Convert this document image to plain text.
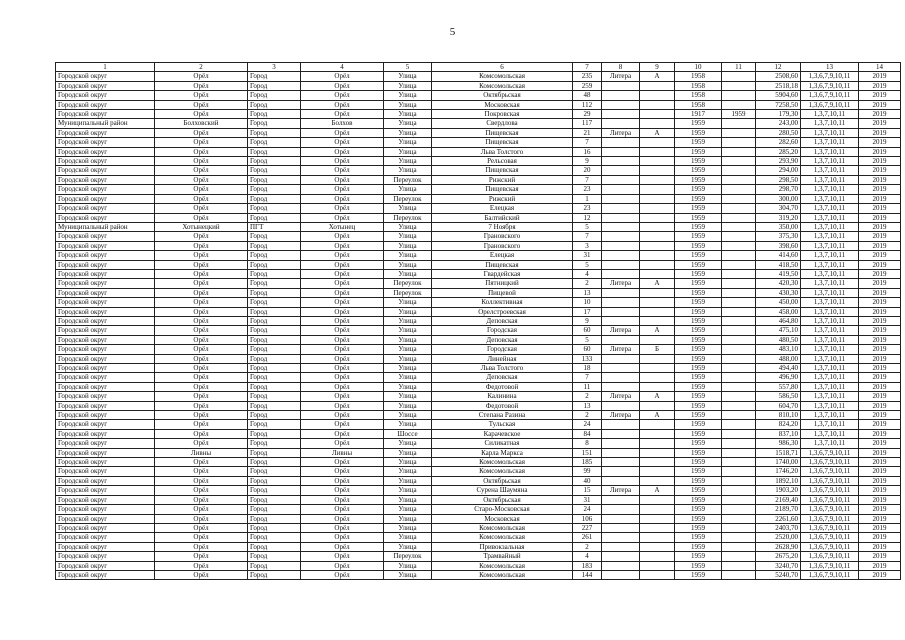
5
1	2	3	4	5	6	7	8	9	10	11	12	13	14
Городской округ	Орёл	Город	Орёл	Улица	Комсомольская	235	Литера	А	1958		2508,60	1,3,6,7,9,10,11	2019
Городской округ	Орёл	Город	Орёл	Улица	Комсомольская	259			1958		2518,18	1,3,6,7,9,10,11	2019
Городской округ	Орёл	Город	Орёл	Улица	Октябрьская	48			1958		5904,60	1,3,6,7,9,10,11	2019
Городской округ	Орёл	Город	Орёл	Улица	Московская	112			1958		7258,50	1,3,6,7,9,10,11	2019
Городской округ	Орёл	Город	Орёл	Улица	Покровская	29			1917	1959	179,30	1,3,7,10,11	2019
Муниципальный район	Болховский	Город	Болхов	Улица	Свердлова	117			1959		243,00	1,3,7,10,11	2019
Городской округ	Орёл	Город	Орёл	Улица	Пищевская	21	Литера	А	1959		280,50	1,3,7,10,11	2019
Городской округ	Орёл	Город	Орёл	Улица	Пищевская	7			1959		282,60	1,3,7,10,11	2019
Городской округ	Орёл	Город	Орёл	Улица	Льва Толстого	16			1959		285,20	1,3,7,10,11	2019
Городской округ	Орёл	Город	Орёл	Улица	Рельсовая	9			1959		293,90	1,3,7,10,11	2019
Городской округ	Орёл	Город	Орёл	Улица	Пищевская	20			1959		294,00	1,3,7,10,11	2019
Городской округ	Орёл	Город	Орёл	Переулок	Рижский	7			1959		298,50	1,3,7,10,11	2019
Городской округ	Орёл	Город	Орёл	Улица	Пищевская	23			1959		298,70	1,3,7,10,11	2019
Городской округ	Орёл	Город	Орёл	Переулок	Рижский	1			1959		300,00	1,3,7,10,11	2019
Городской округ	Орёл	Город	Орёл	Улица	Елецкая	23			1959		304,70	1,3,7,10,11	2019
Городской округ	Орёл	Город	Орёл	Переулок	Балтийский	12			1959		319,20	1,3,7,10,11	2019
Муниципальный район	Хотынецкий	ПГТ	Хотынец	Улица	7 Ноября	5			1959		350,00	1,3,7,10,11	2019
Городской округ	Орёл	Город	Орёл	Улица	Грановского	7			1959		375,30	1,3,7,10,11	2019
Городской округ	Орёл	Город	Орёл	Улица	Грановского	3			1959		398,60	1,3,7,10,11	2019
Городской округ	Орёл	Город	Орёл	Улица	Елецкая	31			1959		414,60	1,3,7,10,11	2019
Городской округ	Орёл	Город	Орёл	Улица	Пищевская	5			1959		418,50	1,3,7,10,11	2019
Городской округ	Орёл	Город	Орёл	Улица	Гвардейская	4			1959		419,50	1,3,7,10,11	2019
Городской округ	Орёл	Город	Орёл	Переулок	Пятницкий	2	Литера	А	1959		420,30	1,3,7,10,11	2019
Городской округ	Орёл	Город	Орёл	Переулок	Пищевой	13			1959		430,30	1,3,7,10,11	2019
Городской округ	Орёл	Город	Орёл	Улица	Коллективная	10			1959		450,00	1,3,7,10,11	2019
Городской округ	Орёл	Город	Орёл	Улица	Орелстроевская	17			1959		458,00	1,3,7,10,11	2019
Городской округ	Орёл	Город	Орёл	Улица	Деповская	9			1959		464,80	1,3,7,10,11	2019
Городской округ	Орёл	Город	Орёл	Улица	Городская	60	Литера	А	1959		475,10	1,3,7,10,11	2019
Городской округ	Орёл	Город	Орёл	Улица	Деповская	5			1959		480,50	1,3,7,10,11	2019
Городской округ	Орёл	Город	Орёл	Улица	Городская	60	Литера	Б	1959		483,10	1,3,7,10,11	2019
Городской округ	Орёл	Город	Орёл	Улица	Линейная	133			1959		488,00	1,3,7,10,11	2019
Городской округ	Орёл	Город	Орёл	Улица	Льва Толстого	18			1959		494,40	1,3,7,10,11	2019
Городской округ	Орёл	Город	Орёл	Улица	Деповская	7			1959		496,90	1,3,7,10,11	2019
Городской округ	Орёл	Город	Орёл	Улица	Федотовой	11			1959		557,80	1,3,7,10,11	2019
Городской округ	Орёл	Город	Орёл	Улица	Калинина	2	Литера	А	1959		586,50	1,3,7,10,11	2019
Городской округ	Орёл	Город	Орёл	Улица	Федотовой	13			1959		604,70	1,3,7,10,11	2019
Городской округ	Орёл	Город	Орёл	Улица	Степана Разина	2	Литера	А	1959		810,10	1,3,7,10,11	2019
Городской округ	Орёл	Город	Орёл	Улица	Тульская	24			1959		824,20	1,3,7,10,11	2019
Городской округ	Орёл	Город	Орёл	Шоссе	Карачевское	84			1959		837,10	1,3,7,10,11	2019
Городской округ	Орёл	Город	Орёл	Улица	Силикатная	8			1959		986,30	1,3,7,10,11	2019
Городской округ	Ливны	Город	Ливны	Улица	Карла Маркса	151			1959		1518,71	1,3,6,7,9,10,11	2019
Городской округ	Орёл	Город	Орёл	Улица	Комсомольская	185			1959		1740,00	1,3,6,7,9,10,11	2019
Городской округ	Орёл	Город	Орёл	Улица	Комсомольская	99			1959		1746,20	1,3,6,7,9,10,11	2019
Городской округ	Орёл	Город	Орёл	Улица	Октябрьская	40			1959		1892,10	1,3,6,7,9,10,11	2019
Городской округ	Орёл	Город	Орёл	Улица	Сурена Шаумяна	15	Литера	А	1959		1903,20	1,3,6,7,9,10,11	2019
Городской округ	Орёл	Город	Орёл	Улица	Октябрьская	31			1959		2169,40	1,3,6,7,9,10,11	2019
Городской округ	Орёл	Город	Орёл	Улица	Старо-Московская	24			1959		2189,70	1,3,6,7,9,10,11	2019
Городской округ	Орёл	Город	Орёл	Улица	Московская	106			1959		2261,60	1,3,6,7,9,10,11	2019
Городской округ	Орёл	Город	Орёл	Улица	Комсомольская	227			1959		2403,70	1,3,6,7,9,10,11	2019
Городской округ	Орёл	Город	Орёл	Улица	Комсомольская	261			1959		2520,00	1,3,6,7,9,10,11	2019
Городской округ	Орёл	Город	Орёл	Улица	Привокзальная	2			1959		2628,90	1,3,6,7,9,10,11	2019
Городской округ	Орёл	Город	Орёл	Переулок	Трамвайный	4			1959		2675,20	1,3,6,7,9,10,11	2019
Городской округ	Орёл	Город	Орёл	Улица	Комсомольская	183			1959		3240,70	1,3,6,7,9,10,11	2019
Городской округ	Орёл	Город	Орёл	Улица	Комсомольская	144			1959		5240,70	1,3,6,7,9,10,11	2019
